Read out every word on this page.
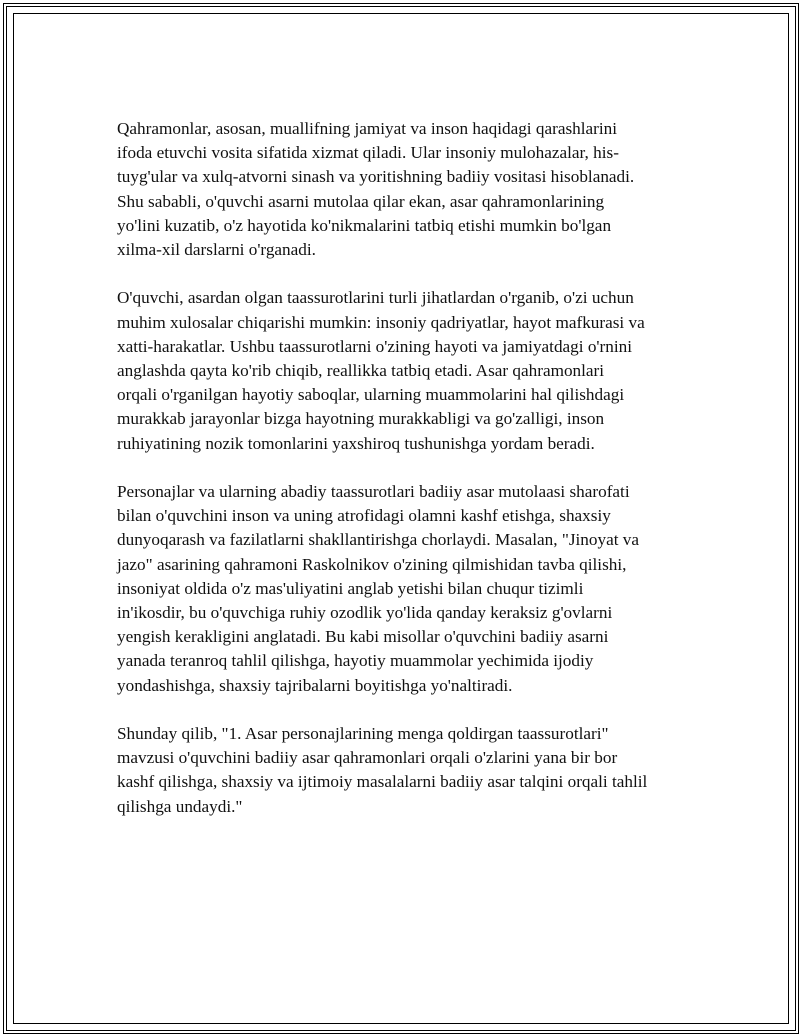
Qahramonlar, asosan, muallifning jamiyat va inson haqidagi qarashlarini
ifoda etuvchi vosita sifatida xizmat qiladi. Ular insoniy mulohazalar, his-
tuyg'ular va xulq-atvorni sinash va yoritishning badiiy vositasi hisoblanadi.
Shu sababli, o'quvchi asarni mutolaa qilar ekan, asar qahramonlarining
yo'lini kuzatib, o'z hayotida ko'nikmalarini tatbiq etishi mumkin bo'lgan
xilma-xil darslarni o'rganadi.

O'quvchi, asardan olgan taassurotlarini turli jihatlardan o'rganib, o'zi uchun
muhim xulosalar chiqarishi mumkin: insoniy qadriyatlar, hayot mafkurasi va
xatti-harakatlar. Ushbu taassurotlarni o'zining hayoti va jamiyatdagi o'rnini
anglashda qayta ko'rib chiqib, reallikka tatbiq etadi. Asar qahramonlari
orqali o'rganilgan hayotiy saboqlar, ularning muammolarini hal qilishdagi
murakkab jarayonlar bizga hayotning murakkabligi va go'zalligi, inson
ruhiyatining nozik tomonlarini yaxshiroq tushunishga yordam beradi.

Personajlar va ularning abadiy taassurotlari badiiy asar mutolaasi sharofati
bilan o'quvchini inson va uning atrofidagi olamni kashf etishga, shaxsiy
dunyoqarash va fazilatlarni shakllantirishga chorlaydi. Masalan, "Jinoyat va
jazo" asarining qahramoni Raskolnikov o'zining qilmishidan tavba qilishi,
insoniyat oldida o'z mas'uliyatini anglab yetishi bilan chuqur tizimli
in'ikosdir, bu o'quvchiga ruhiy ozodlik yo'lida qanday keraksiz g'ovlarni
yengish kerakligini anglatadi. Bu kabi misollar o'quvchini badiiy asarni
yanada teranroq tahlil qilishga, hayotiy muammolar yechimida ijodiy
yondashishga, shaxsiy tajribalarni boyitishga yo'naltiradi.

Shunday qilib, "1. Asar personajlarining menga qoldirgan taassurotlari"
mavzusi o'quvchini badiiy asar qahramonlari orqali o'zlarini yana bir bor
kashf qilishga, shaxsiy va ijtimoiy masalalarni badiiy asar talqini orqali tahlil
qilishga undaydi."
